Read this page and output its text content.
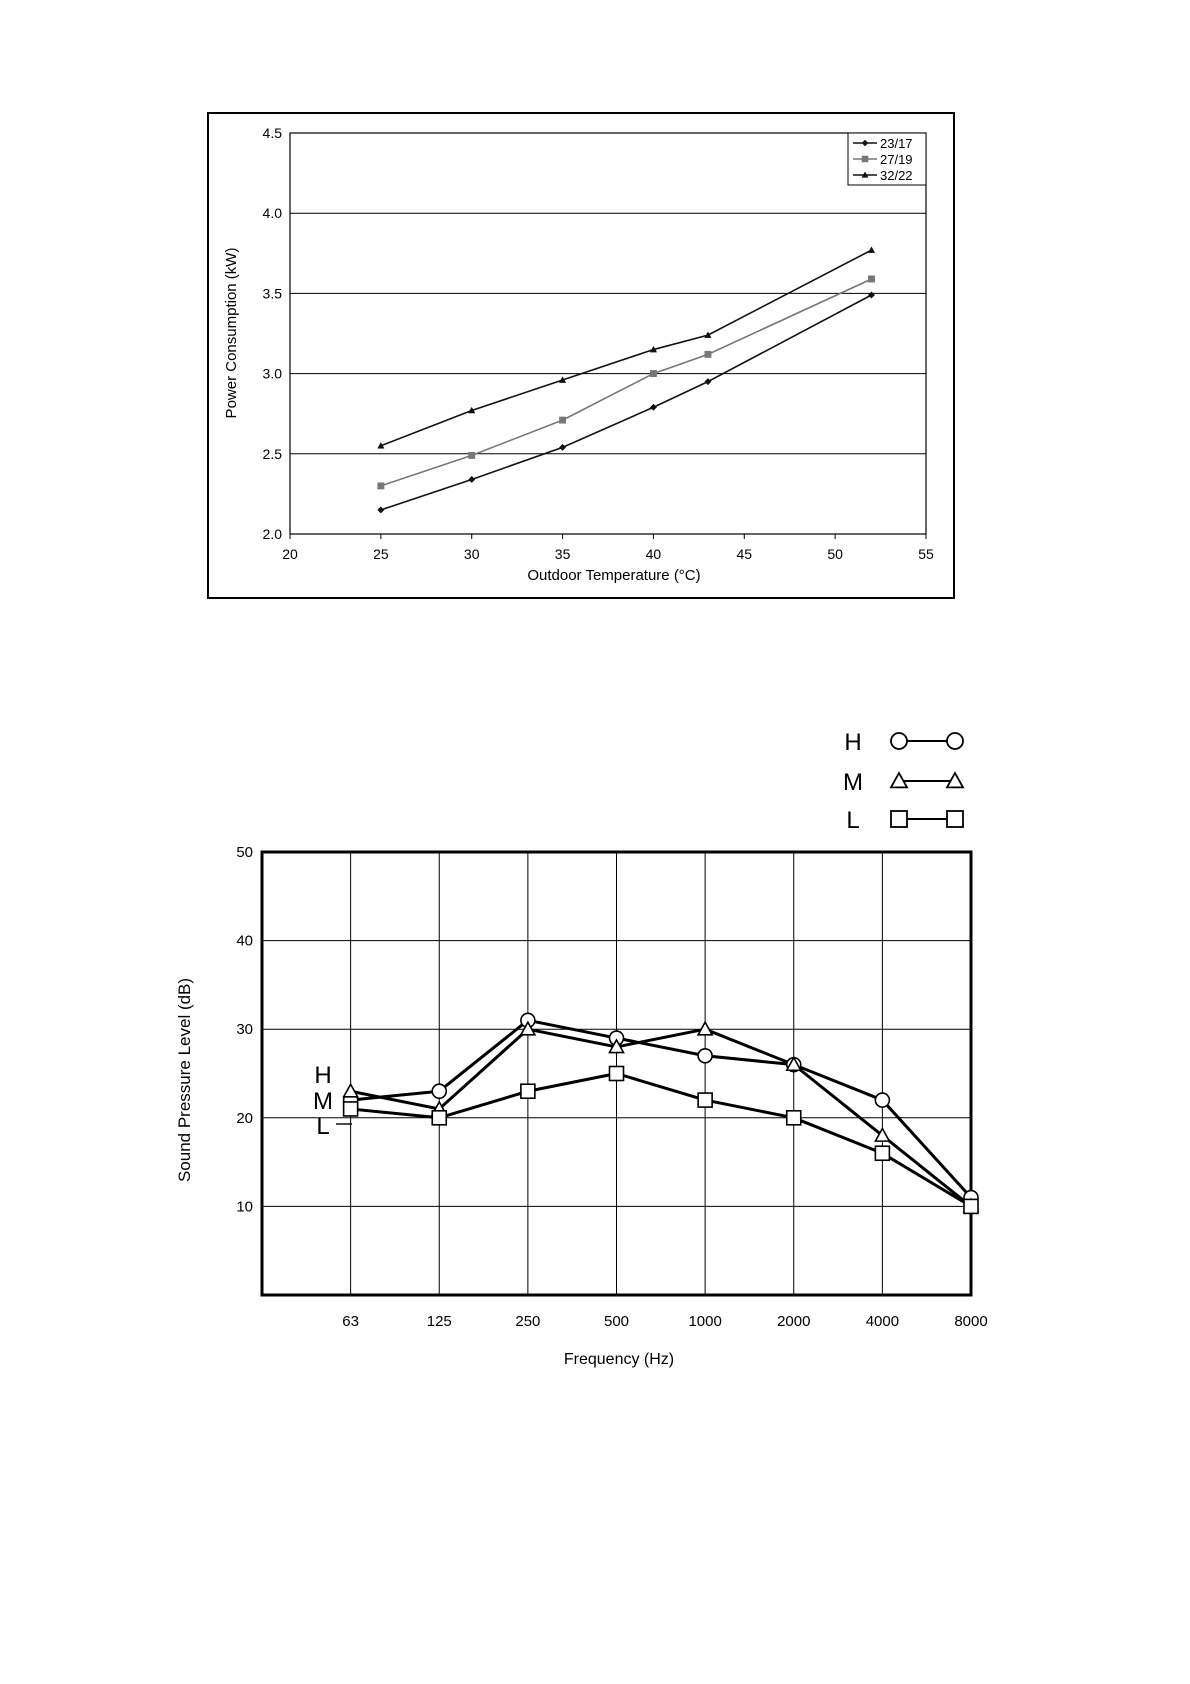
4.5
4.0
3.5
3.0
2.5
2.0
20	25	30	35	40	45	50	55
Outdoor Temperature (°C)
Power Consumption (kW)
23/17
27/19
32/22
50
40
30
20
10
63	125	250	500	1000	2000	4000	8000
H
M
L
H
M
L
Frequency (Hz)
Sound Pressure Level (dB)
